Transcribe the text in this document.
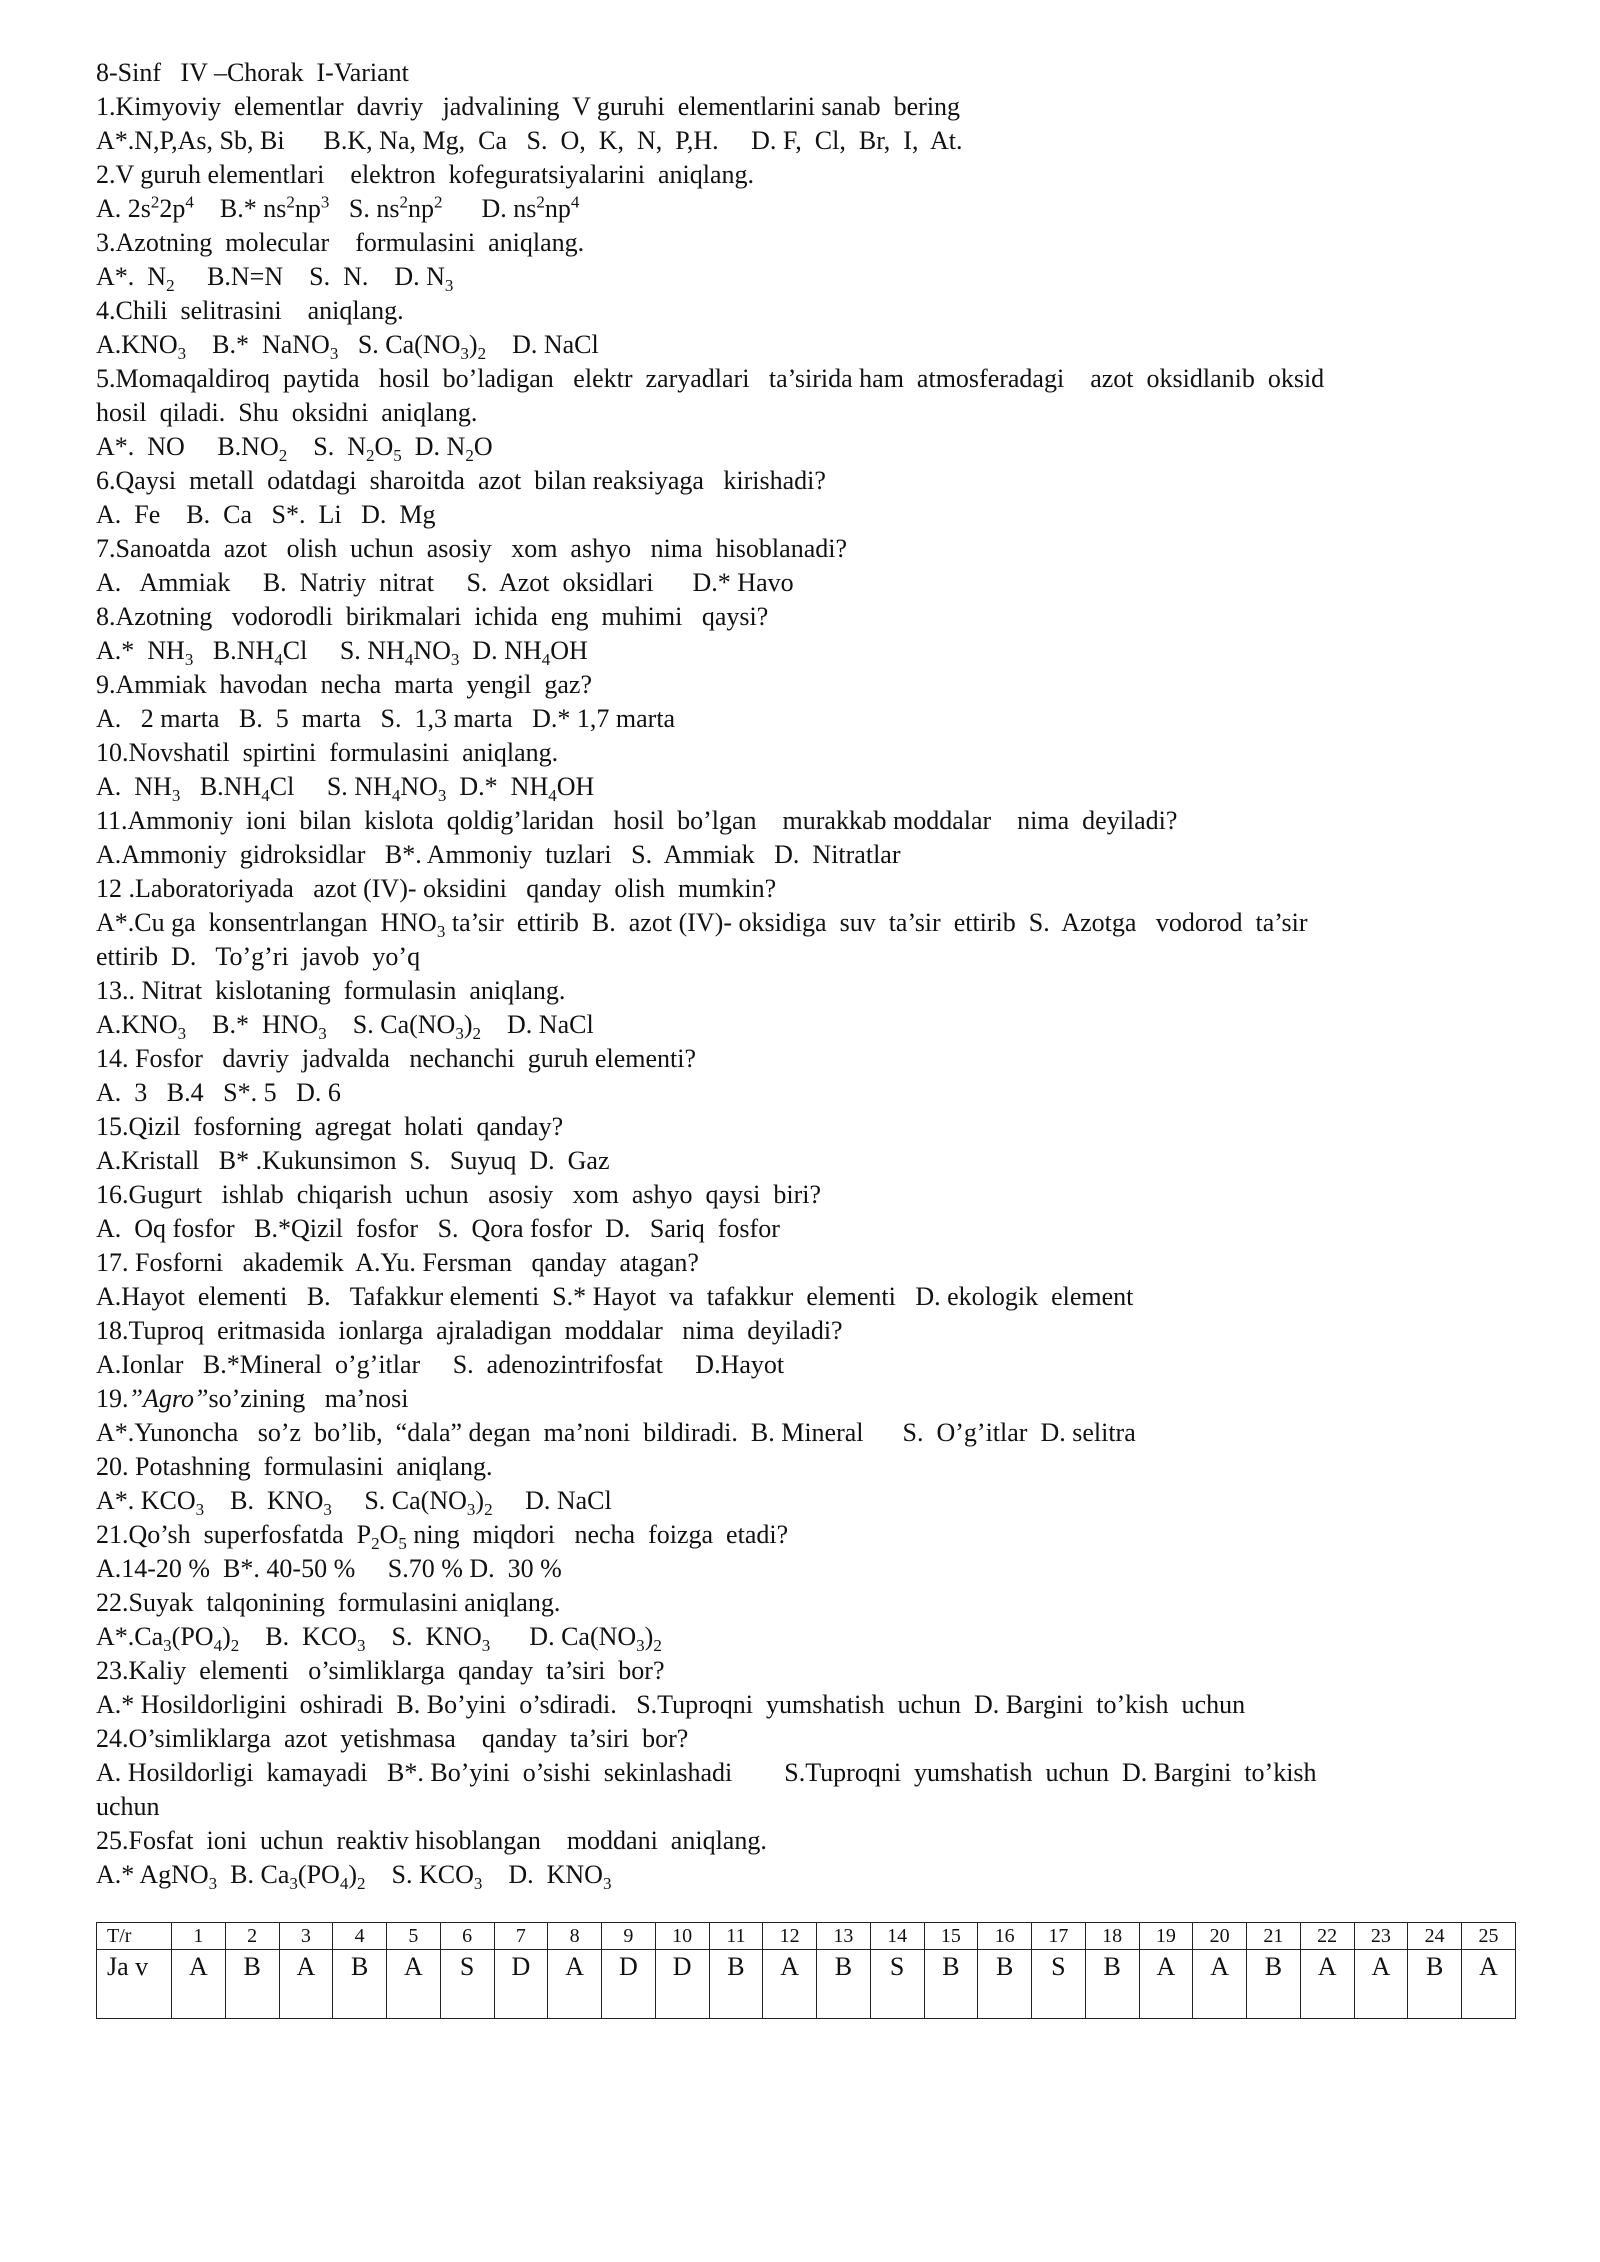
8-Sinf   IV –Chorak  I-Variant
1.Kimyoviy  elementlar  davriy   jadvalining  V guruhi  elementlarini sanab  bering
A*.N,P,As, Sb, Bi      B.K, Na, Mg,  Ca   S.  O,  K,  N,  P,H.     D. F,  Cl,  Br,  I,  At.
2.V guruh elementlari    elektron  kofeguratsiyalarini  aniqlang.
A. $2s^22p^4$    B.* $ns^2np^3$   S. $ns^2np^2$      D. $ns^2np^4$
3.Azotning  molecular    formulasini  aniqlang.
A*.  $N_2$     B.N=N    S.  N.    D. $N_3$
4.Chili  selitrasini    aniqlang.
$A.KNO_3$    B.*  NaNO$_3$   S. $Ca(NO_3)_2$    D. NaCl
5.Momaqaldiroq  paytida   hosil  bo’ladigan   elektr  zaryadlari   ta’sirida ham  atmosferadagi    azot  oksidlanib  oksid
hosil  qiladi.  Shu  oksidni  aniqlang.
A*.  NO     $B.NO_2$    S.  $N_2O_5$  D. $N_2O$
6.Qaysi  metall  odatdagi  sharoitda  azot  bilan reaksiyaga   kirishadi?
A.  Fe    B.  Ca   S*.  Li   D.  Mg
7.Sanoatda  azot   olish  uchun  asosiy   xom  ashyo   nima  hisoblanadi?
A.   Ammiak     B.  Natriy  nitrat     S.  Azot  oksidlari      D.* Havo
8.Azotning   vodorodli  birikmalari  ichida  eng  muhimi   qaysi?
A.*  $NH_3$   $B.NH_4Cl$     S. $NH_4NO_3$  D. $NH_4OH$
9.Ammiak  havodan  necha  marta  yengil  gaz?
A.   2 marta   B.  5  marta   S.  1,3 marta   D.* 1,7 marta
10.Novshatil  spirtini  formulasini  aniqlang.
A.  $NH_3$   $B.NH_4Cl$     S. $NH_4NO_3$  D.*  $NH_4OH$
11.Ammoniy  ioni  bilan  kislota  qoldig’laridan   hosil  bo’lgan    murakkab moddalar    nima  deyiladi?
A.Ammoniy  gidroksidlar   B*. Ammoniy  tuzlari   S.  Ammiak   D.  Nitratlar
12 .Laboratoriyada   azot (IV)- oksidini   qanday  olish  mumkin?
A*.Cu ga  konsentrlangan  $HNO_3$ ta’sir  ettirib  B.  azot (IV)- oksidiga  suv  ta’sir  ettirib  S.  Azotga   vodorod  ta’sir
ettirib  D.   To’g’ri  javob  yo’q
13.. Nitrat  kislotaning  formulasin  aniqlang.
$A.KNO_3$    B.*  $HNO_3$    S. $Ca(NO_3)_2$    D. NaCl
14. Fosfor   davriy  jadvalda   nechanchi  guruh elementi?
A.  3   B.4   S*. 5   D. 6
15.Qizil  fosforning  agregat  holati  qanday?
A.Kristall   B* .Kukunsimon  S.   Suyuq  D.  Gaz
16.Gugurt   ishlab  chiqarish  uchun   asosiy   xom  ashyo  qaysi  biri?
A.  Oq fosfor   B.*Qizil  fosfor   S.  Qora fosfor  D.   Sariq  fosfor
17. Fosforni   akademik  A.Yu. Fersman   qanday  atagan?
A.Hayot  elementi   B.   Tafakkur elementi  S.* Hayot  va  tafakkur  elementi   D. ekologik  element
18.Tuproq  eritmasida  ionlarga  ajraladigan  moddalar   nima  deyiladi?
A.Ionlar   B.*Mineral  o’g’itlar     S.  adenozintrifosfat     D.Hayot
19.”Agro”so’zining   ma’nosi
A*.Yunoncha   so’z  bo’lib,  “dala” degan  ma’noni  bildiradi.  B. Mineral      S.  O’g’itlar  D. selitra
20. Potashning  formulasini  aniqlang.
A*. $KCO_3$    B.  $KNO_3$     S. $Ca(NO_3)_2$     D. NaCl
21.Qo’sh  superfosfatda  $P_2O_5$ ning  miqdori   necha  foizga  etadi?
A.14-20 %  B*. 40-50 %     S.70 % D.  30 %
22.Suyak  talqonining  formulasini aniqlang.
$A*.Ca_3(PO_4)_2$    B.  $KCO_3$    S.  $KNO_3$      D. $Ca(NO_3)_2$
23.Kaliy  elementi   o’simliklarga  qanday  ta’siri  bor?
A.* Hosildorligini  oshiradi  B. Bo’yini  o’sdiradi.   S.Tuproqni  yumshatish  uchun  D. Bargini  to’kish  uchun
24.O’simliklarga  azot  yetishmasa    qanday  ta’siri  bor?
A. Hosildorligi  kamayadi   B*. Bo’yini  o’sishi  sekinlashadi        S.Tuproqni  yumshatish  uchun  D. Bargini  to’kish
uchun
25.Fosfat  ioni  uchun  reaktiv hisoblangan    moddani  aniqlang.
A.* AgNO$_3$  B. $Ca_3(PO_4)_2$    S. $KCO_3$    D.  $KNO_3$
T/r	1	2	3	4	5	6	7	8	9	10	11	12	13	14	15	16	17	18	19	20	21	22	23	24	25
Ja v	A	B	A	B	A	S	D	A	D	D	B	A	B	S	B	B	S	B	A	A	B	A	A	B	A
